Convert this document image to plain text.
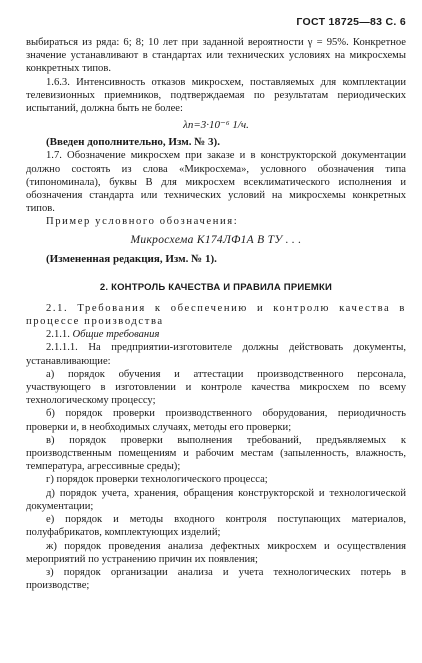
ГОСТ 18725—83 С. 6

выбираться из ряда: 6; 8; 10 лет при заданной вероятности γ = 95%. Конкретное значение устанавливают в стандартах или технических условиях на микросхемы конкретных типов.

1.6.3. Интенсивность отказов микросхем, поставляемых для комплектации телевизионных приемников, подтверждаемая по результатам периодических испытаний, должна быть не более:

λп=3·10⁻⁶ 1/ч.

(Введен дополнительно, Изм. № 3).

1.7. Обозначение микросхем при заказе и в конструкторской документации должно состоять из слова «Микросхема», условного обозначения типа (типономинала), буквы В для микросхем всеклиматического исполнения и обозначения стандарта или технических условий на микросхемы конкретных типов.

Пример условного обозначения:

Микросхема К174ЛФ1А В ТУ . . .

(Измененная редакция, Изм. № 1).

2. КОНТРОЛЬ КАЧЕСТВА И ПРАВИЛА ПРИЕМКИ

2.1. Требования к обеспечению и контролю качества в процессе производства

2.1.1. Общие требования

2.1.1.1. На предприятии-изготовителе должны действовать документы, устанавливающие:

а) порядок обучения и аттестации производственного персонала, участвующего в изготовлении и контроле качества микросхем по всему технологическому процессу;

б) порядок проверки производственного оборудования, периодичность проверки и, в необходимых случаях, методы его проверки;

в) порядок проверки выполнения требований, предъявляемых к производственным помещениям и рабочим местам (запыленность, влажность, температура, агрессивные среды);

г) порядок проверки технологического процесса;

д) порядок учета, хранения, обращения конструкторской и технологической документации;

е) порядок и методы входного контроля поступающих материалов, полуфабрикатов, комплектующих изделий;

ж) порядок проведения анализа дефектных микросхем и осуществления мероприятий по устранению причин их появления;

з) порядок организации анализа и учета технологических потерь в производстве;
